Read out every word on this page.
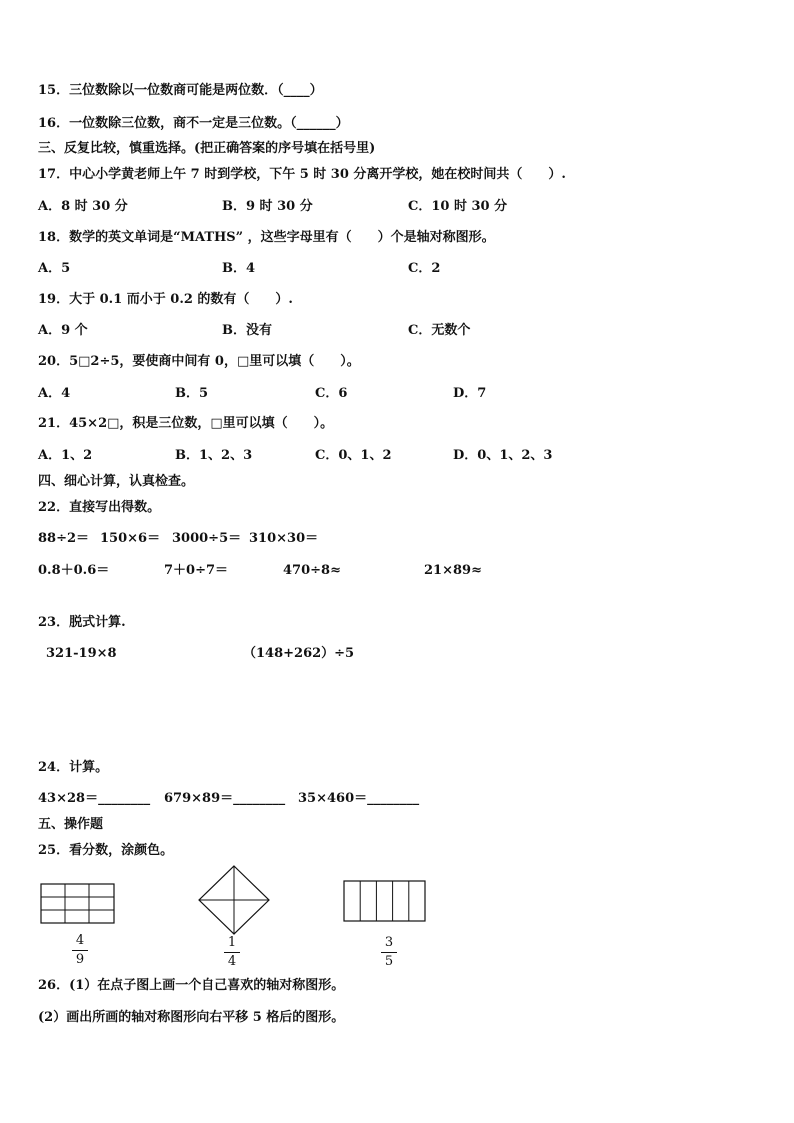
15．三位数除以一位数商可能是两位数．（____）
16．一位数除三位数，商不一定是三位数。（______）
三、反复比较，慎重选择。(把正确答案的序号填在括号里)
17．中心小学黄老师上午 7 时到学校，下午 5 时 30 分离开学校，她在校时间共（　　）.
A．8 时 30 分	B．9 时 30 分	C．10 时 30 分
18．数学的英文单词是“MATHS” ，这些字母里有（　　）个是轴对称图形。
A．5	B．4	C．2
19．大于 0.1 而小于 0.2 的数有（　　）.
A．9 个	B．没有	C．无数个
20．5□2÷5，要使商中间有 0，□里可以填（　　）。
A．4	B．5	C．6	D．7
21．45×2□，积是三位数，□里可以填（　　）。
A．1、2	B．1、2、3	C．0、1、2	D．0、1、2、3
四、细心计算，认真检查。
22．直接写出得数。
88÷2＝ 150×6＝ 3000÷5＝ 310×30＝
0.8＋0.6＝	7＋0÷7＝	470÷8≈	21×89≈
23．脱式计算.
321-19×8	（148+262）÷5
24．计算。
43×28＝________ 679×89＝________ 35×460＝________
五、操作题
25．看分数，涂颜色。
4
9
1
4
3
5
26．(1）在点子图上画一个自己喜欢的轴对称图形。
(2）画出所画的轴对称图形向右平移 5 格后的图形。
